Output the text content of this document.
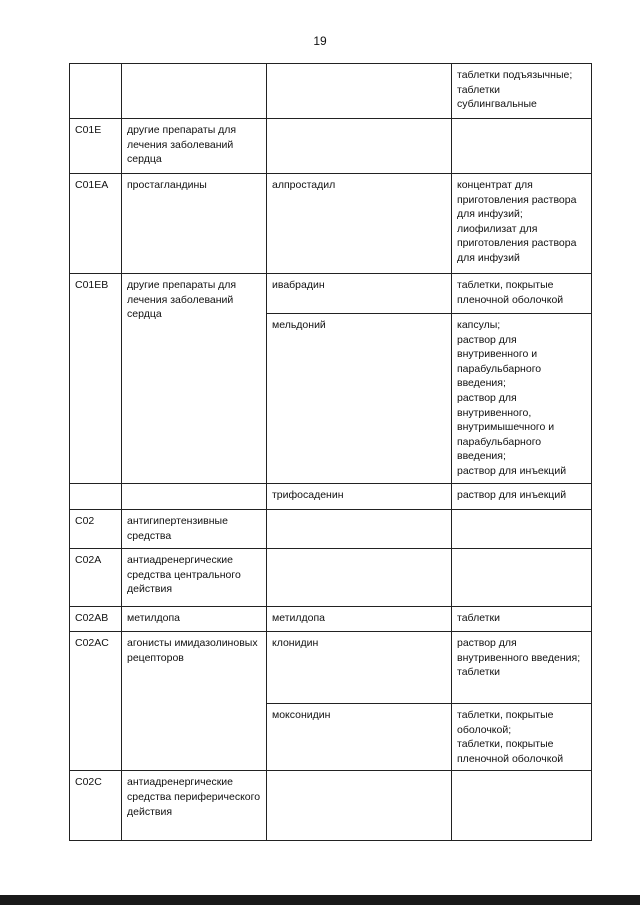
19
			таблетки подъязычные;
таблетки
сублингвальные
C01E	другие препараты для лечения заболеваний сердца		
C01EA	простагландины	алпростадил	концентрат для приготовления раствора для инфузий;
лиофилизат для приготовления раствора для инфузий
C01EB	другие препараты для лечения заболеваний сердца	ивабрадин	таблетки, покрытые пленочной оболочкой
		мельдоний	капсулы;
раствор для внутривенного и парабульбарного введения;
раствор для внутривенного, внутримышечного и парабульбарного введения;
раствор для инъекций
		трифосаденин	раствор для инъекций
C02	антигипертензивные средства		
C02A	антиадренергические средства центрального действия		
C02AB	метилдопа	метилдопа	таблетки
C02AC	агонисты имидазолиновых рецепторов	клонидин	раствор для внутривенного введения;
таблетки
		моксонидин	таблетки, покрытые оболочкой;
таблетки, покрытые пленочной оболочкой
C02C	антиадренергические средства периферического действия		
